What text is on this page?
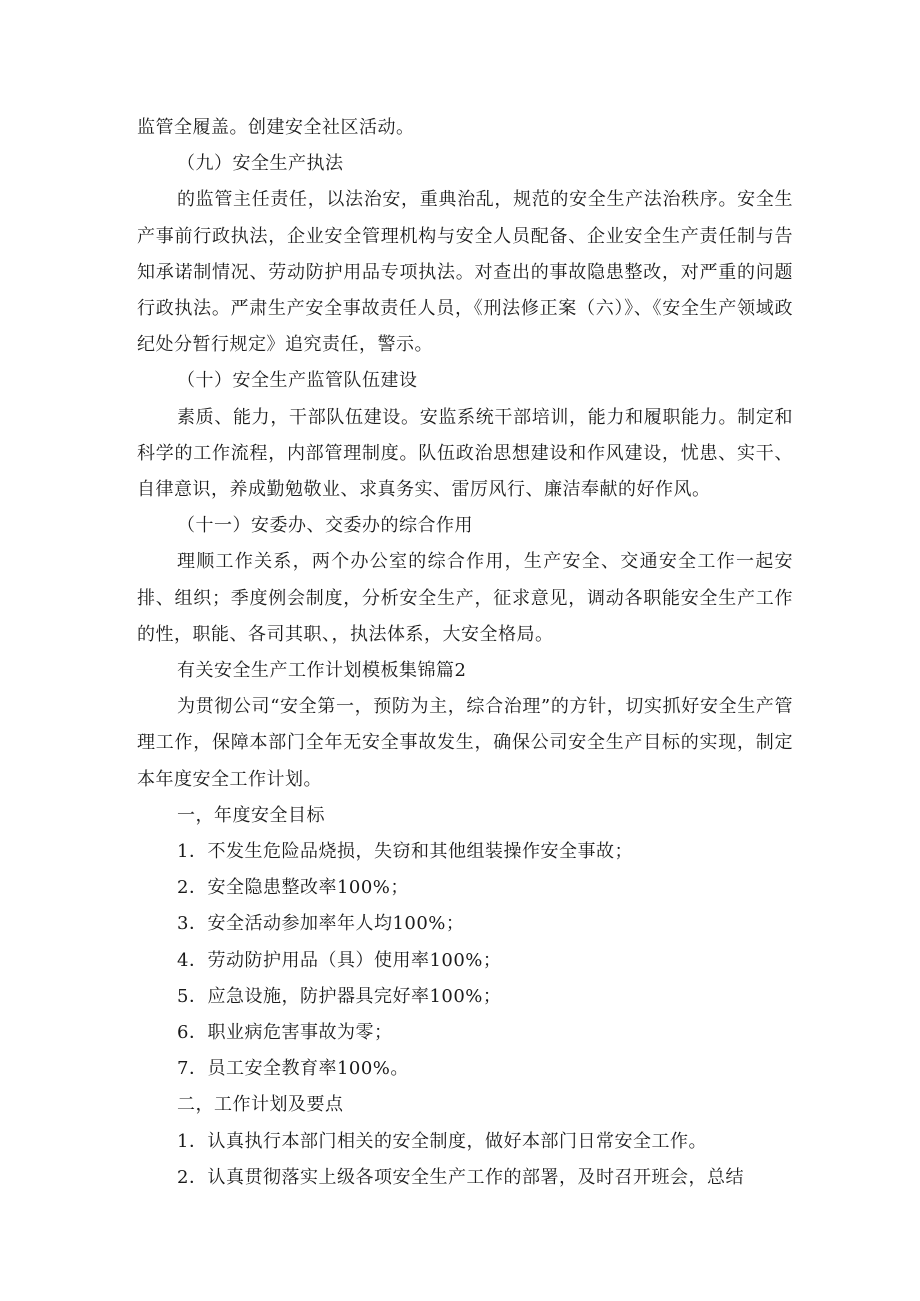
监管全履盖。创建安全社区活动。

（九）安全生产执法

的监管主任责任，以法治安，重典治乱，规范的安全生产法治秩序。安全生产事前行政执法，企业安全管理机构与安全人员配备、企业安全生产责任制与告知承诺制情况、劳动防护用品专项执法。对查出的事故隐患整改，对严重的问题行政执法。严肃生产安全事故责任人员，《刑法修正案（六）》、《安全生产领域政纪处分暂行规定》追究责任，警示。

（十）安全生产监管队伍建设

素质、能力，干部队伍建设。安监系统干部培训，能力和履职能力。制定和科学的工作流程，内部管理制度。队伍政治思想建设和作风建设，忧患、实干、自律意识，养成勤勉敬业、求真务实、雷厉风行、廉洁奉献的好作风。

（十一）安委办、交委办的综合作用

理顺工作关系，两个办公室的综合作用，生产安全、交通安全工作一起安排、组织；季度例会制度，分析安全生产，征求意见，调动各职能安全生产工作的性，职能、各司其职、，执法体系，大安全格局。

有关安全生产工作计划模板集锦篇2

为贯彻公司“安全第一，预防为主，综合治理”的方针，切实抓好安全生产管理工作，保障本部门全年无安全事故发生，确保公司安全生产目标的实现，制定本年度安全工作计划。

一，年度安全目标

1．不发生危险品烧损，失窃和其他组装操作安全事故；

2．安全隐患整改率100%；

3．安全活动参加率年人均100%；

4．劳动防护用品（具）使用率100%；

5．应急设施，防护器具完好率100%；

6．职业病危害事故为零；

7．员工安全教育率100%。

二，工作计划及要点

1．认真执行本部门相关的安全制度，做好本部门日常安全工作。

2．认真贯彻落实上级各项安全生产工作的部署，及时召开班会，总结
